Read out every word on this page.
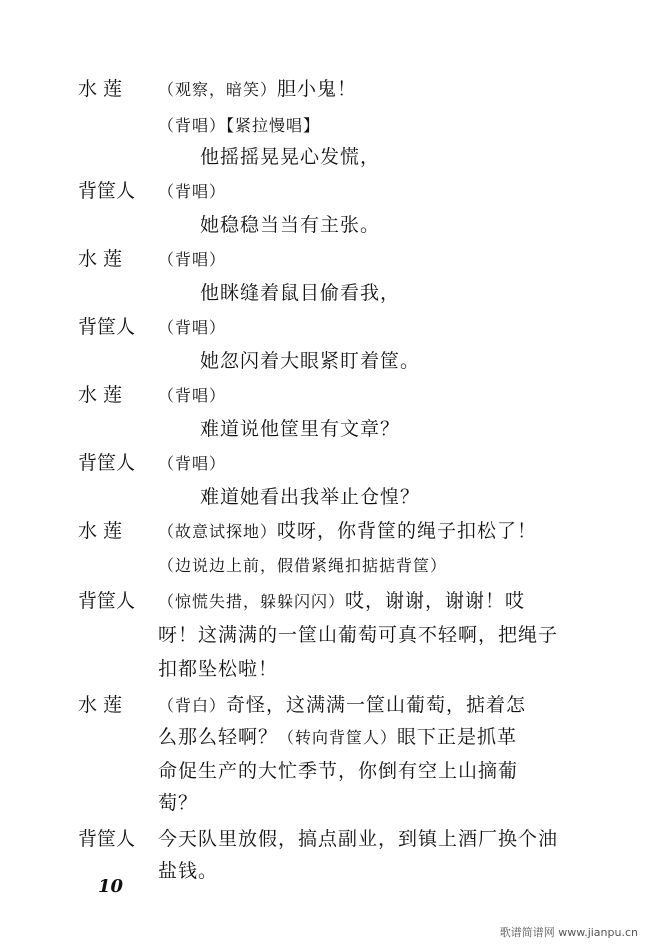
水 莲	（观察，暗笑）胆小鬼！
（背唱）【紧拉慢唱】
他摇摇晃晃心发慌，
背筐人	（背唱）
她稳稳当当有主张。
水 莲	（背唱）
他眯缝着鼠目偷看我，
背筐人	（背唱）
她忽闪着大眼紧盯着筐。
水 莲	（背唱）
难道说他筐里有文章？
背筐人	（背唱）
难道她看出我举止仓惶？
水 莲	（故意试探地）哎呀，你背筐的绳子扣松了！
（边说边上前，假借紧绳扣掂掂背筐）
背筐人	（惊慌失措，躲躲闪闪）哎，谢谢，谢谢！哎
呀！这满满的一筐山葡萄可真不轻啊，把绳子
扣都坠松啦！
水 莲	（背白）奇怪，这满满一筐山葡萄，掂着怎
么那么轻啊？（转向背筐人）眼下正是抓革
命促生产的大忙季节，你倒有空上山摘葡
萄？
背筐人	今天队里放假，搞点副业，到镇上酒厂换个油
盐钱。
10
歌谱简谱网 www.jianpu.cn
